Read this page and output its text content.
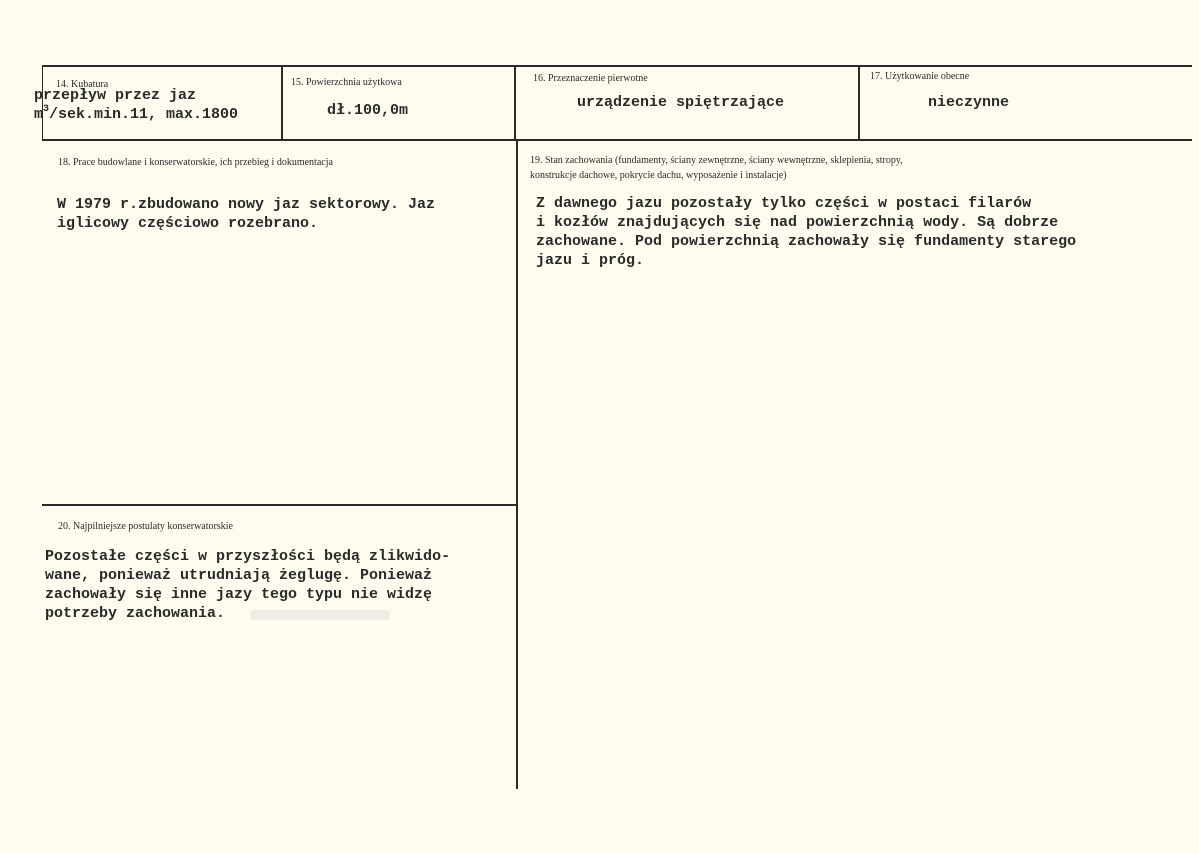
14. Kubatura
przepływ przez jaz
$m^3/sek.\min.11$, max.1800
15. Powierzchnia użytkowa
dł.100,0m
16. Przeznaczenie pierwotne
urządzenie spiętrzające
17. Użytkowanie obecne
nieczynne
18. Prace budowlane i konserwatorskie, ich przebieg i dokumentacja
W 1979 r.zbudowano nowy jaz sektorowy. Jaz
iglicowy częściowo rozebrano.
19. Stan zachowania (fundamenty, ściany zewnętrzne, ściany wewnętrzne, sklepienia, stropy,
konstrukcje dachowe, pokrycie dachu, wyposażenie i instalacje)
Z dawnego jazu pozostały tylko części w postaci filarów
i kozłów znajdujących się nad powierzchnią wody. Są dobrze
zachowane. Pod powierzchnią zachowały się fundamenty starego
jazu i próg.
20. Najpilniejsze postulaty konserwatorskie
Pozostałe części w przyszłości będą zlikwido-
wane, ponieważ utrudniają żeglugę. Ponieważ
zachowały się inne jazy tego typu nie widzę
potrzeby zachowania.
